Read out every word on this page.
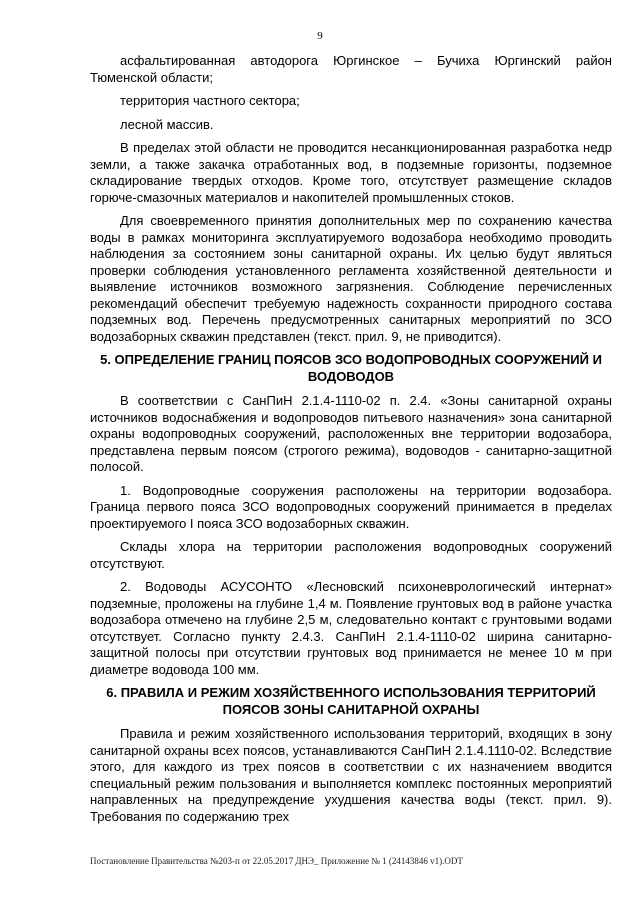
9

асфальтированная автодорога Юргинское – Бучиха Юргинский район Тюменской области;

территория частного сектора;

лесной массив.

В пределах этой области не проводится несанкционированная разработка недр земли, а также закачка отработанных вод, в подземные горизонты, подземное складирование твердых отходов. Кроме того, отсутствует размещение складов горюче-смазочных материалов и накопителей промышленных стоков.

Для своевременного принятия дополнительных мер по сохранению качества воды в рамках мониторинга эксплуатируемого водозабора необходимо проводить наблюдения за состоянием зоны санитарной охраны. Их целью будут являться проверки соблюдения установленного регламента хозяйственной деятельности и выявление источников возможного загрязнения. Соблюдение перечисленных рекомендаций обеспечит требуемую надежность сохранности природного состава подземных вод. Перечень предусмотренных санитарных мероприятий по ЗСО водозаборных скважин представлен (текст. прил. 9, не приводится).

5. ОПРЕДЕЛЕНИЕ ГРАНИЦ ПОЯСОВ ЗСО ВОДОПРОВОДНЫХ СООРУЖЕНИЙ И ВОДОВОДОВ

В соответствии с СанПиН 2.1.4-1110-02 п. 2.4. «Зоны санитарной охраны источников водоснабжения и водопроводов питьевого назначения» зона санитарной охраны водопроводных сооружений, расположенных вне территории водозабора, представлена первым поясом (строгого режима), водоводов - санитарно-защитной полосой.

1. Водопроводные сооружения расположены на территории водозабора. Граница первого пояса ЗСО водопроводных сооружений принимается в пределах проектируемого I пояса ЗСО водозаборных скважин.

Склады хлора на территории расположения водопроводных сооружений отсутствуют.

2. Водоводы АСУСОНТО «Лесновский психоневрологический интернат» подземные, проложены на глубине 1,4 м. Появление грунтовых вод в районе участка водозабора отмечено на глубине 2,5 м, следовательно контакт с грунтовыми водами отсутствует. Согласно пункту 2.4.3. СанПиН 2.1.4-1110-02 ширина санитарно-защитной полосы при отсутствии грунтовых вод принимается не менее 10 м при диаметре водовода 100 мм.

6. ПРАВИЛА И РЕЖИМ ХОЗЯЙСТВЕННОГО ИСПОЛЬЗОВАНИЯ ТЕРРИТОРИЙ ПОЯСОВ ЗОНЫ САНИТАРНОЙ ОХРАНЫ

Правила и режим хозяйственного использования территорий, входящих в зону санитарной охраны всех поясов, устанавливаются СанПиН 2.1.4.1110-02. Вследствие этого, для каждого из трех поясов в соответствии с их назначением вводится специальный режим пользования и выполняется комплекс постоянных мероприятий направленных на предупреждение ухудшения качества воды (текст. прил. 9). Требования по содержанию трех

Постановление Правительства №203-п от 22.05.2017 ДНЭ_ Приложение № 1 (24143846 v1).ODT
